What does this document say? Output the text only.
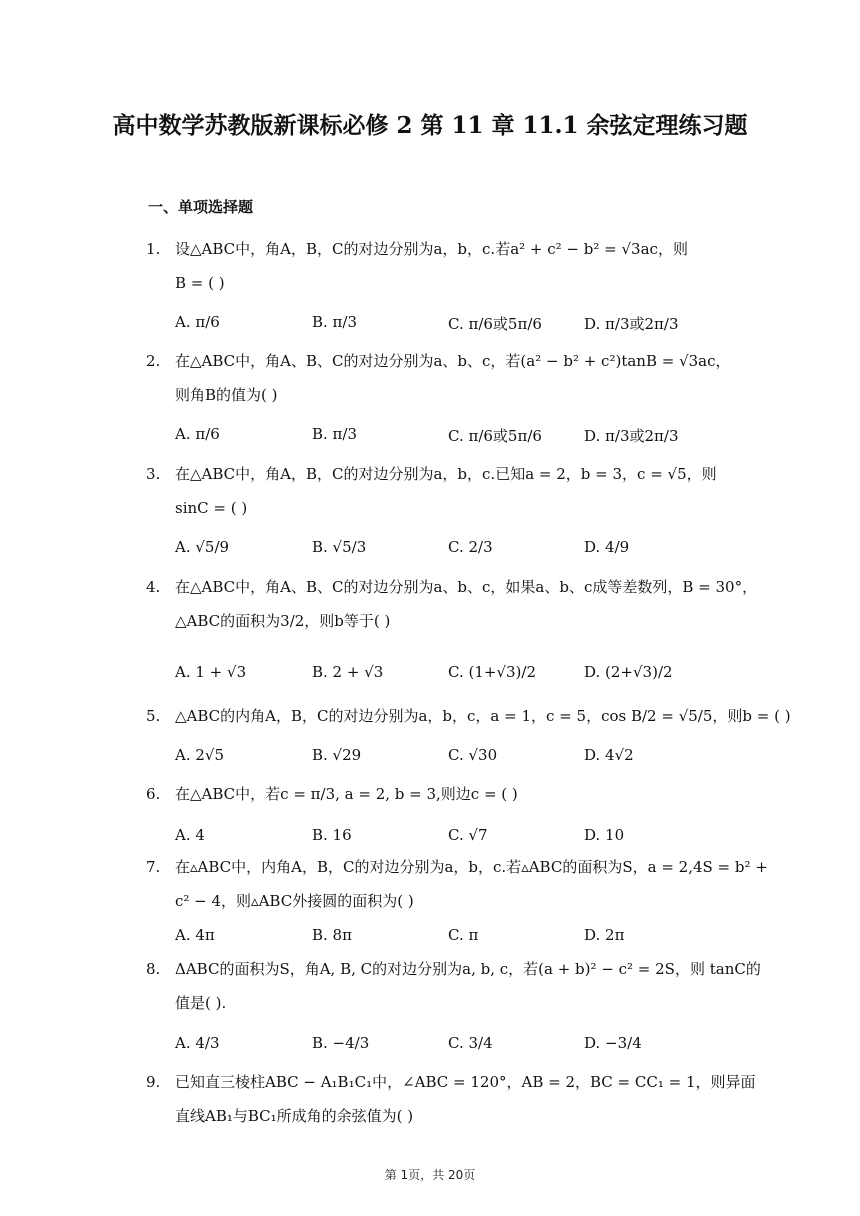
高中数学苏教版新课标必修 2 第 11 章 11.1 余弦定理练习题
一、单项选择题
1. 设△ABC中，角A，B，C的对边分别为a，b，c.若a² + c² − b² = √3ac，则
B = ( )
A. π/6	B. π/3	C. π/6或5π/6	D. π/3或2π/3
2. 在△ABC中，角A、B、C的对边分别为a、b、c，若(a² − b² + c²)tanB = √3ac，
则角B的值为( )
A. π/6	B. π/3	C. π/6或5π/6	D. π/3或2π/3
3. 在△ABC中，角A，B，C的对边分别为a，b，c.已知a = 2，b = 3，c = √5，则
sinC = ( )
A. √5/9	B. √5/3	C. 2/3	D. 4/9
4. 在△ABC中，角A、B、C的对边分别为a、b、c，如果a、b、c成等差数列，B = 30°，
△ABC的面积为3/2，则b等于( )
A. 1 + √3	B. 2 + √3	C. (1+√3)/2	D. (2+√3)/2
5. △ABC的内角A，B，C的对边分别为a，b，c，a = 1，c = 5，cos B/2 = √5/5，则b = ( )
A. 2√5	B. √29	C. √30	D. 4√2
6. 在△ABC中，若c = π/3, a = 2, b = 3,则边c = ( )
A. 4	B. 16	C. √7	D. 10
7. 在▵ABC中，内角A，B，C的对边分别为a，b，c.若▵ABC的面积为S，a = 2,4S = b² +
c² − 4，则▵ABC外接圆的面积为( )
A. 4π	B. 8π	C. π	D. 2π
8. ΔABC的面积为S，角A, B, C的对边分别为a, b, c，若(a + b)² − c² = 2S，则 tanC的
值是( ).
A. 4/3	B. −4/3	C. 3/4	D. −3/4
9. 已知直三棱柱ABC − A₁B₁C₁中，∠ABC = 120°，AB = 2，BC = CC₁ = 1，则异面
直线AB₁与BC₁所成角的余弦值为( )
第 1页，共 20页
